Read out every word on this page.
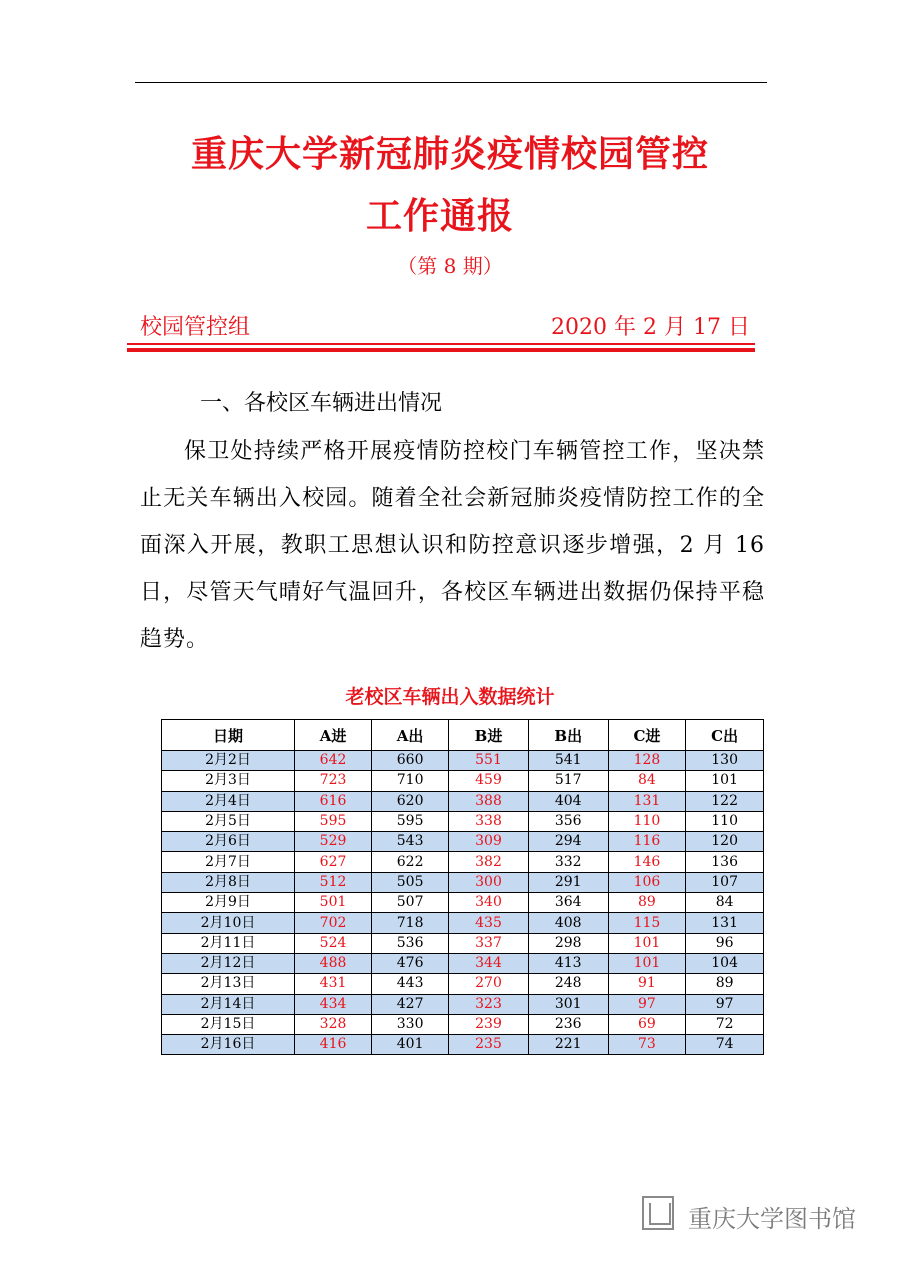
重庆大学新冠肺炎疫情校园管控
工作通报
（第 8 期）
校园管控组	2020 年 2 月 17 日
一、各校区车辆进出情况
保卫处持续严格开展疫情防控校门车辆管控工作，坚决禁止无关车辆出入校园。随着全社会新冠肺炎疫情防控工作的全面深入开展，教职工思想认识和防控意识逐步增强，2 月 16 日，尽管天气晴好气温回升，各校区车辆进出数据仍保持平稳趋势。
老校区车辆出入数据统计
日期	A进	A出	B进	B出	C进	C出
2月2日	642	660	551	541	128	130
2月3日	723	710	459	517	84	101
2月4日	616	620	388	404	131	122
2月5日	595	595	338	356	110	110
2月6日	529	543	309	294	116	120
2月7日	627	622	382	332	146	136
2月8日	512	505	300	291	106	107
2月9日	501	507	340	364	89	84
2月10日	702	718	435	408	115	131
2月11日	524	536	337	298	101	96
2月12日	488	476	344	413	101	104
2月13日	431	443	270	248	91	89
2月14日	434	427	323	301	97	97
2月15日	328	330	239	236	69	72
2月16日	416	401	235	221	73	74
重庆大学图书馆
